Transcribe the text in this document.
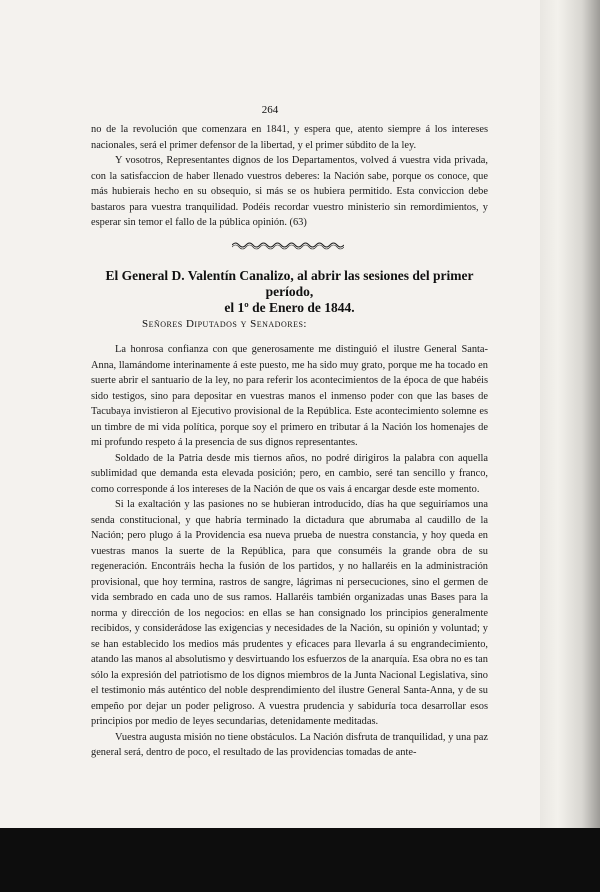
264

no de la revolución que comenzara en 1841, y espera que, atento siempre á los intereses nacionales, será el primer defensor de la libertad, y el primer súbdito de la ley.

Y vosotros, Representantes dignos de los Departamentos, volved á vuestra vida privada, con la satisfaccion de haber llenado vuestros deberes: la Nación sabe, porque os conoce, que más hubierais hecho en su obsequio, si más se os hubiera permitido. Esta conviccion debe bastaros para vuestra tranquilidad. Podéis recordar vuestro ministerio sin remordimientos, y esperar sin temor el fallo de la pública opinión. (63)

El General D. Valentín Canalizo, al abrir las sesiones del primer período,
el 1º de Enero de 1844.
Señores Diputados y Senadores:

La honrosa confianza con que generosamente me distinguió el ilustre General Santa-Anna, llamándome interinamente á este puesto, me ha sido muy grato, porque me ha tocado en suerte abrir el santuario de la ley, no para referir los acontecimientos de la época de que habéis sido testigos, sino para depositar en vuestras manos el inmenso poder con que las bases de Tacubaya invistieron al Ejecutivo provisional de la República. Este acontecimiento solemne es un timbre de mi vida política, porque soy el primero en tributar á la Nación los homenajes de mi profundo respeto á la presencia de sus dignos representantes.

Soldado de la Patria desde mis tiernos años, no podré dirigiros la palabra con aquella sublimidad que demanda esta elevada posición; pero, en cambio, seré tan sencillo y franco, como corresponde á los intereses de la Nación de que os vais á encargar desde este momento.

Si la exaltación y las pasiones no se hubieran introducido, días ha que seguiríamos una senda constitucional, y que habría terminado la dictadura que abrumaba al caudillo de la Nación; pero plugo á la Providencia esa nueva prueba de nuestra constancia, y hoy queda en vuestras manos la suerte de la República, para que consuméis la grande obra de su regeneración. Encontráis hecha la fusión de los partidos, y no hallaréis en la administración provisional, que hoy termina, rastros de sangre, lágrimas ni persecuciones, sino el germen de vida sembrado en cada uno de sus ramos. Hallaréis también organizadas unas Bases para la norma y dirección de los negocios: en ellas se han consignado los principios generalmente recibidos, y considerádose las exigencias y necesidades de la Nación, su opinión y voluntad; y se han establecido los medios más prudentes y eficaces para llevarla á su engrandecimiento, atando las manos al absolutismo y desvirtuando los esfuerzos de la anarquía. Esa obra no es tan sólo la expresión del patriotismo de los dignos miembros de la Junta Nacional Legislativa, sino el testimonio más auténtico del noble desprendimiento del ilustre General Santa-Anna, y de su empeño por dejar un poder peligroso. A vuestra prudencia y sabiduría toca desarrollar esos principios por medio de leyes secundarias, detenidamente meditadas.

Vuestra augusta misión no tiene obstáculos. La Nación disfruta de tranquilidad, y una paz general será, dentro de poco, el resultado de las providencias tomadas de ante-
